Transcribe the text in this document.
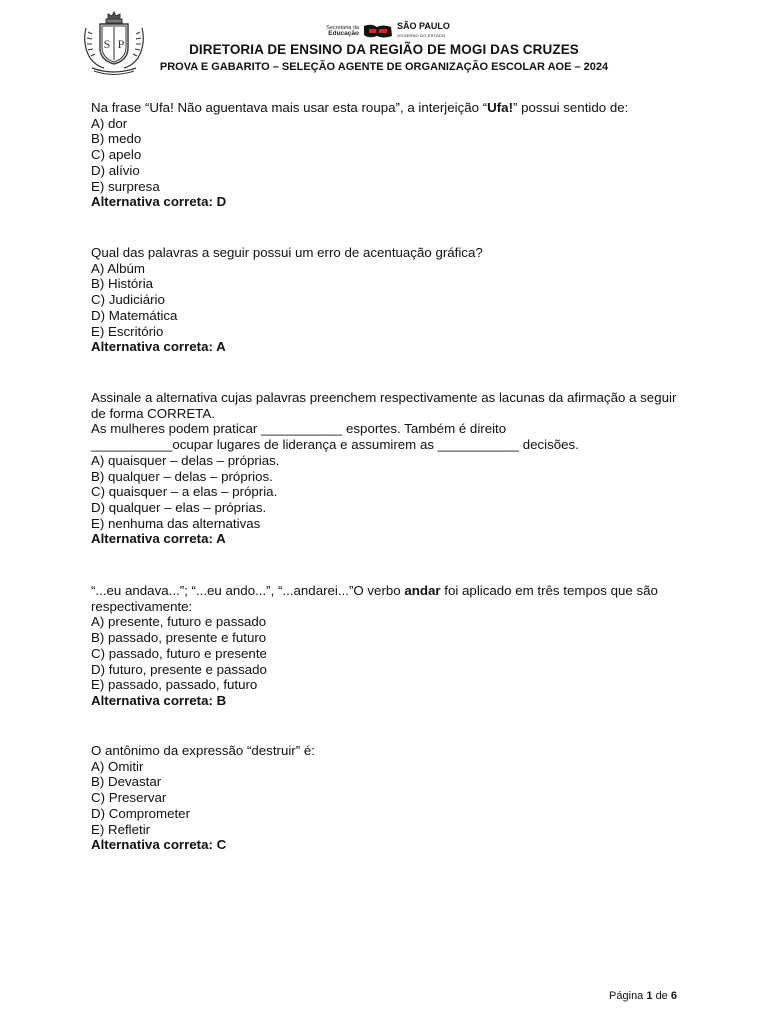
S P
Secretaria da
Educação
SÃO PAULO
GOVERNO DO ESTADO
DIRETORIA DE ENSINO DA REGIÃO DE MOGI DAS CRUZES
PROVA E GABARITO – SELEÇÃO AGENTE DE ORGANIZAÇÃO ESCOLAR AOE – 2024

Na frase “Ufa! Não aguentava mais usar esta roupa”, a interjeição “Ufa!” possui sentido de:

A) dor

B) medo

C) apelo

D) alívio

E) surpresa

Alternativa correta: D

Qual das palavras a seguir possui um erro de acentuação gráfica?

A) Albúm

B) História

C) Judiciário

D) Matemática

E) Escritório

Alternativa correta: A

Assinale a alternativa cujas palavras preenchem respectivamente as lacunas da afirmação a seguir de forma CORRETA.

As mulheres podem praticar ___________ esportes. Também é direito

___________ocupar lugares de liderança e assumirem as ___________ decisões.

A) quaisquer – delas – próprias.

B) qualquer – delas – próprios.

C) quaisquer – a elas – própria.

D) qualquer – elas – próprias.

E) nenhuma das alternativas

Alternativa correta: A

“...eu andava...”; “...eu ando...”, “...andarei...”O verbo andar foi aplicado em três tempos que são respectivamente:

A) presente, futuro e passado

B) passado, presente e futuro

C) passado, futuro e presente

D) futuro, presente e passado

E) passado, passado, futuro

Alternativa correta: B

O antônimo da expressão “destruir” é:

A) Omitir

B) Devastar

C) Preservar

D) Comprometer

E) Refletir

Alternativa correta: C

Página 1 de 6
